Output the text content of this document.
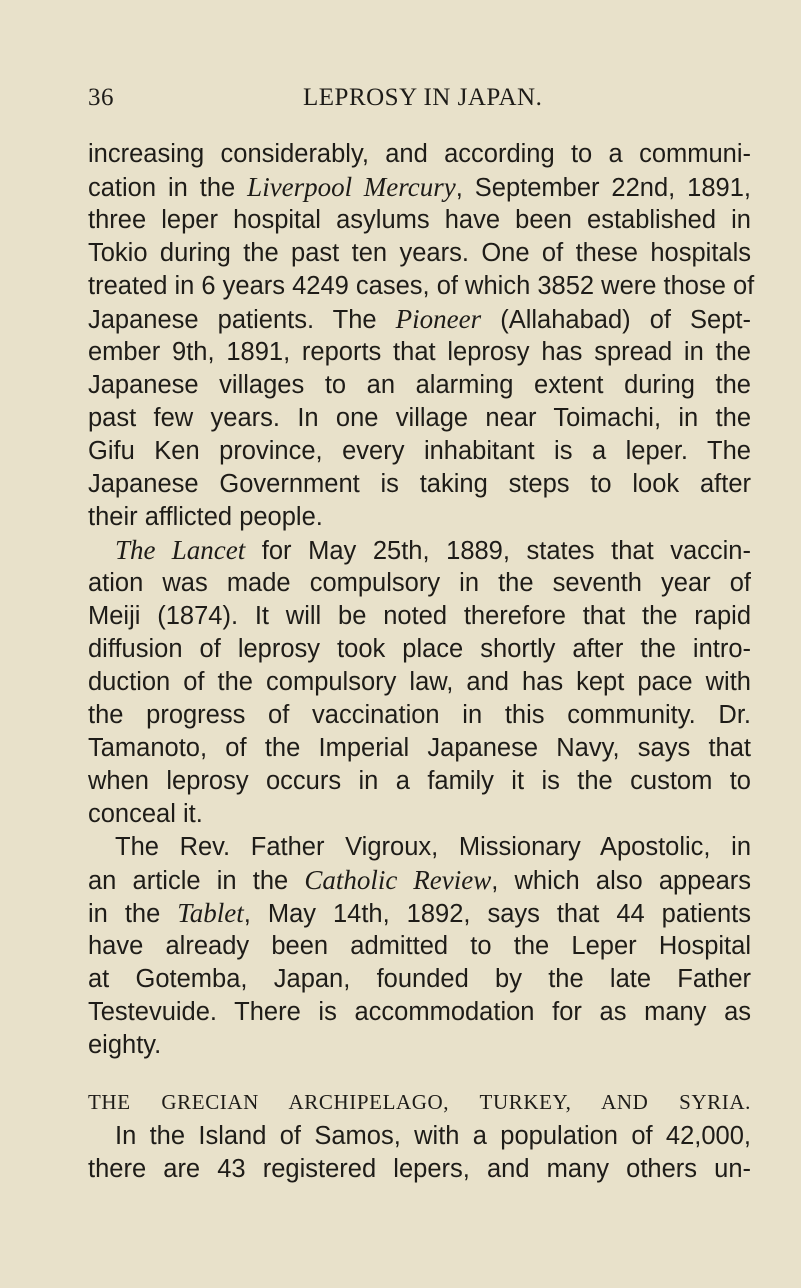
36	LEPROSY IN JAPAN.
increasing considerably, and according to a communi-
cation in the Liverpool Mercury, September 22nd, 1891,
three leper hospital asylums have been established in
Tokio during the past ten years. One of these hospitals
treated in 6 years 4249 cases, of which 3852 were those of
Japanese patients. The Pioneer (Allahabad) of Sept-
ember 9th, 1891, reports that leprosy has spread in the
Japanese villages to an alarming extent during the
past few years. In one village near Toimachi, in the
Gifu Ken province, every inhabitant is a leper. The
Japanese Government is taking steps to look after
their afflicted people.
The Lancet for May 25th, 1889, states that vaccin-
ation was made compulsory in the seventh year of
Meiji (1874). It will be noted therefore that the rapid
diffusion of leprosy took place shortly after the intro-
duction of the compulsory law, and has kept pace with
the progress of vaccination in this community. Dr.
Tamanoto, of the Imperial Japanese Navy, says that
when leprosy occurs in a family it is the custom to
conceal it.
The Rev. Father Vigroux, Missionary Apostolic, in
an article in the Catholic Review, which also appears
in the Tablet, May 14th, 1892, says that 44 patients
have already been admitted to the Leper Hospital
at Gotemba, Japan, founded by the late Father
Testevuide. There is accommodation for as many as
eighty.
THE GRECIAN ARCHIPELAGO, TURKEY, AND SYRIA.
In the Island of Samos, with a population of 42,000,
there are 43 registered lepers, and many others un-
